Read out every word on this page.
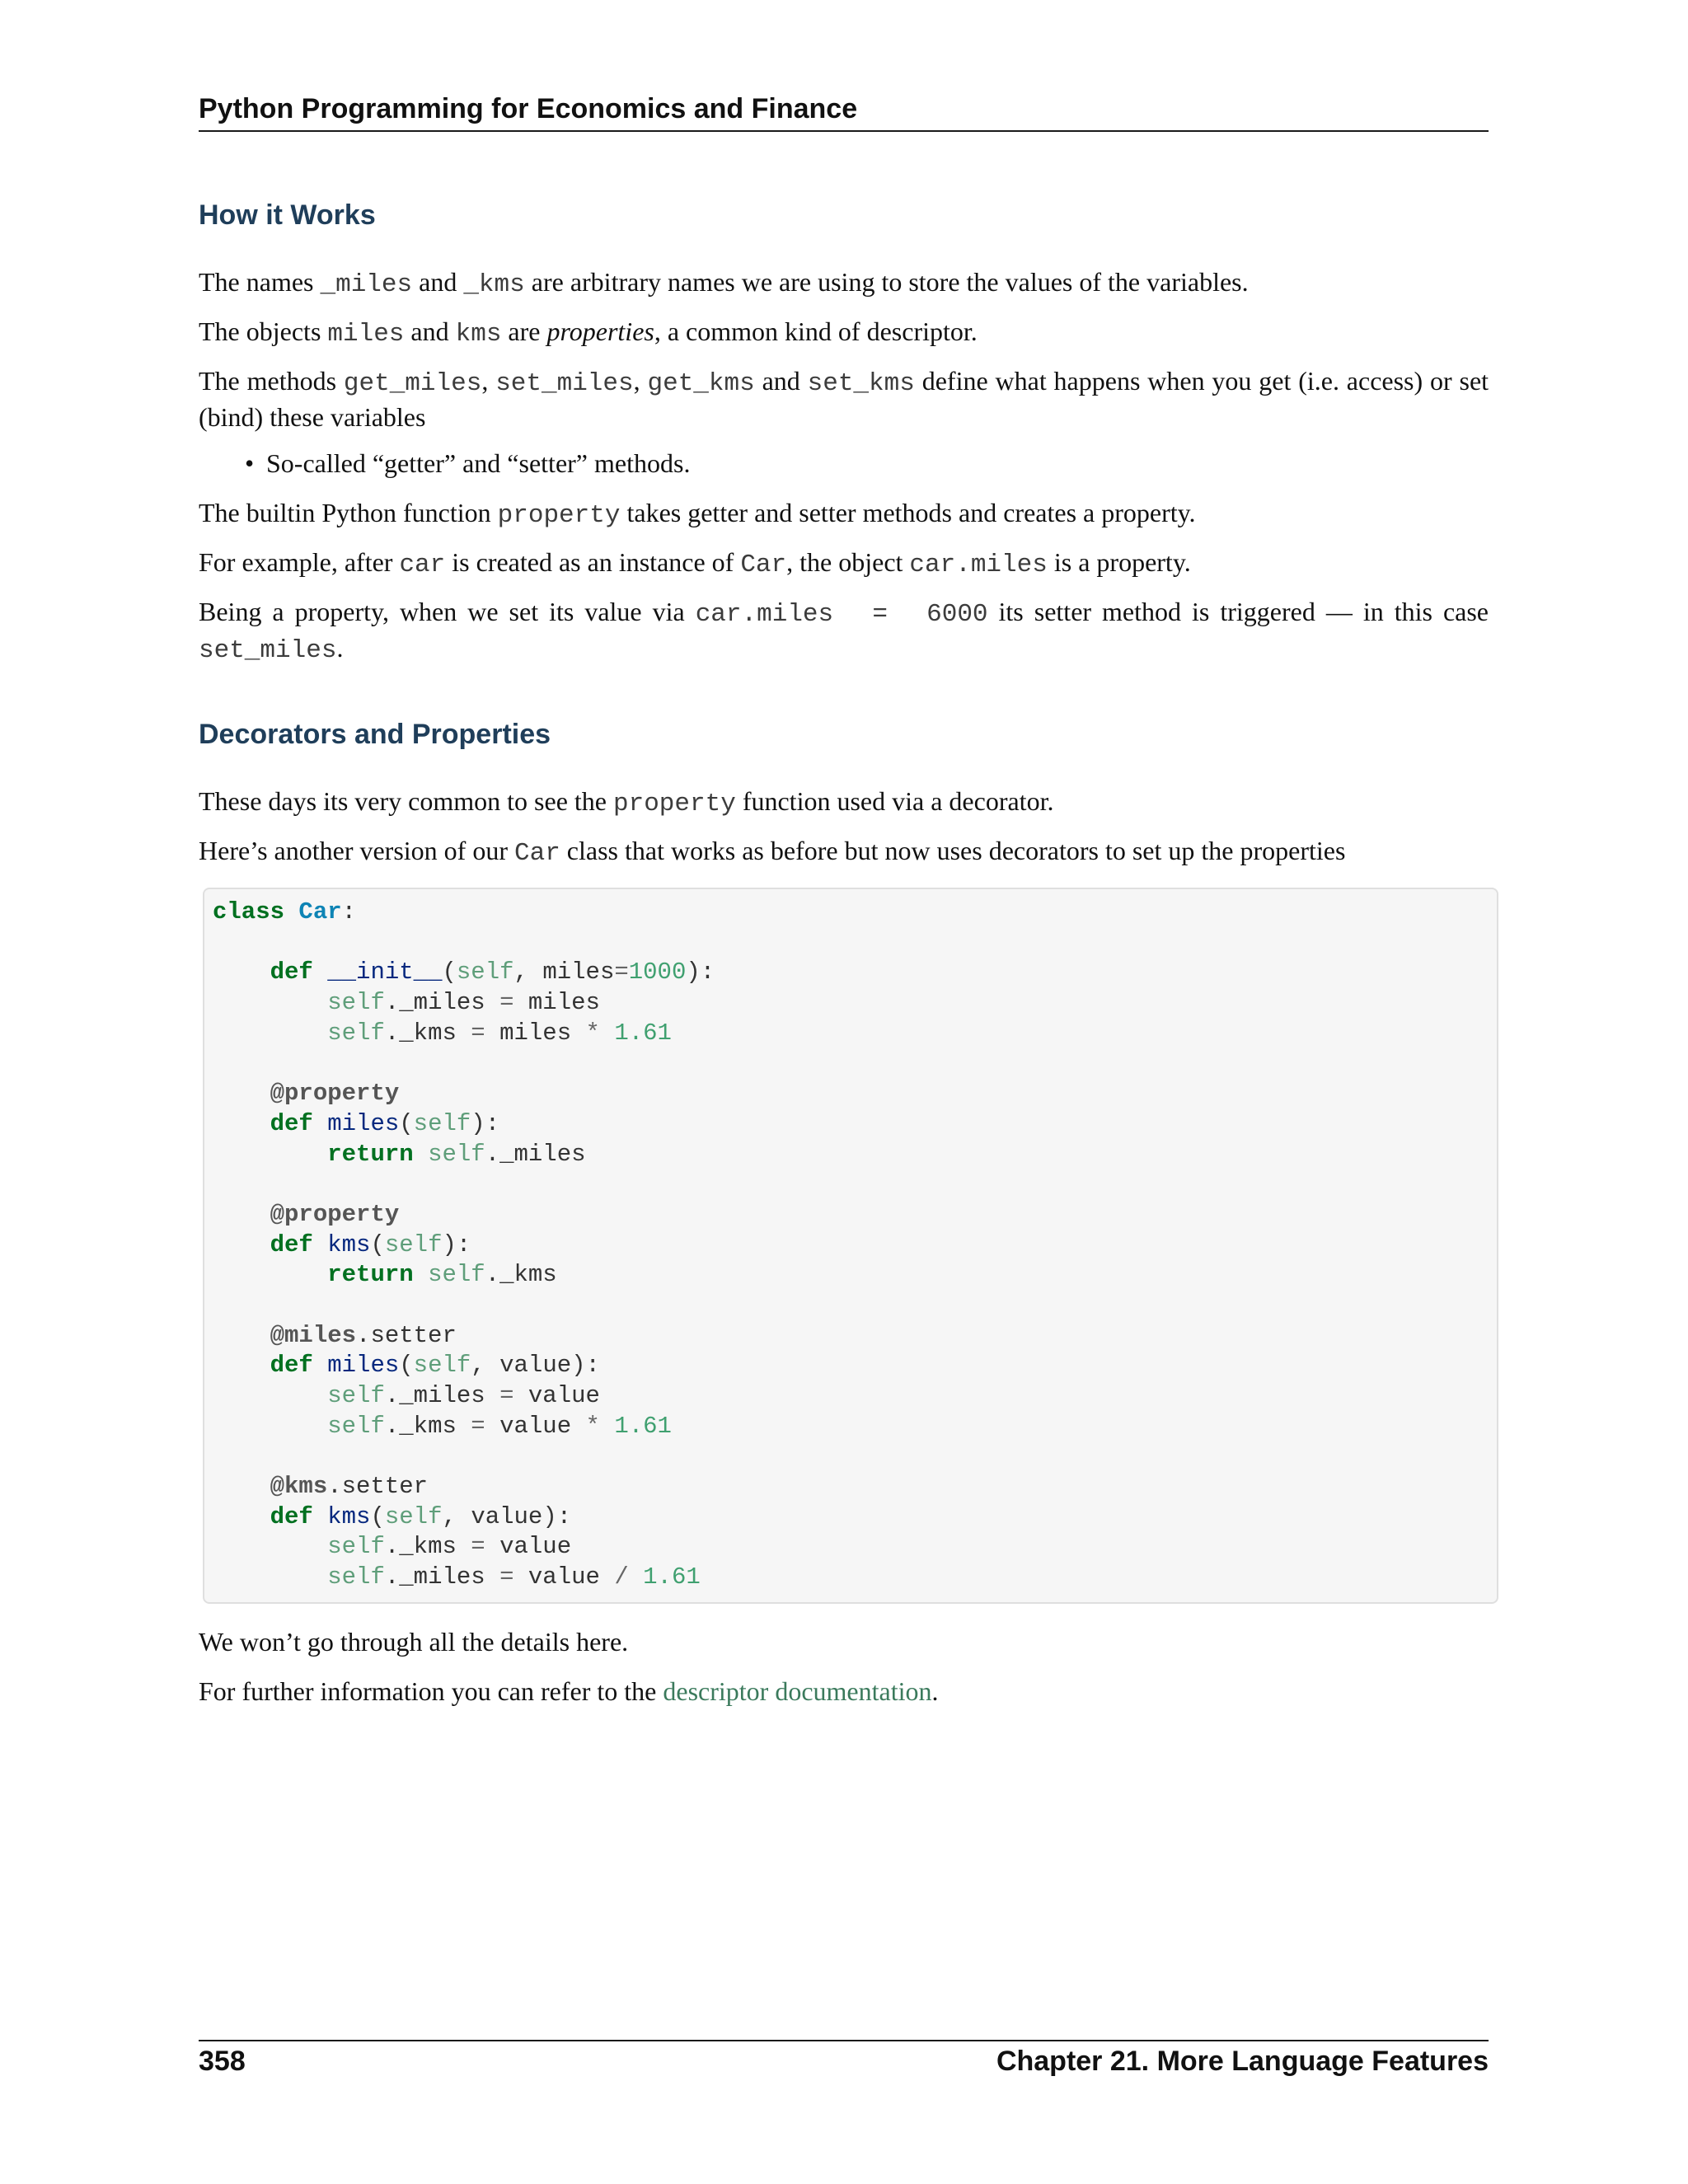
Python Programming for Economics and Finance
How it Works

The names _miles and _kms are arbitrary names we are using to store the values of the variables.

The objects miles and kms are properties, a common kind of descriptor.

The methods get_miles, set_miles, get_kms and set_kms define what happens when you get (i.e. access) or set (bind) these variables

• So-called “getter” and “setter” methods.

The builtin Python function property takes getter and setter methods and creates a property.

For example, after car is created as an instance of Car, the object car.miles is a property.

Being a property, when we set its value via car.miles  =  6000 its setter method is triggered — in this case set_miles.

Decorators and Properties

These days its very common to see the property function used via a decorator.

Here’s another version of our Car class that works as before but now uses decorators to set up the properties

class Car:
def __init__(self, miles=1000):
self._miles = miles
self._kms = miles * 1.61
@property
def miles(self):
return self._miles
@property
def kms(self):
return self._kms
@miles.setter
def miles(self, value):
self._miles = value
self._kms = value * 1.61
@kms.setter
def kms(self, value):
self._kms = value
self._miles = value / 1.61

We won’t go through all the details here.

For further information you can refer to the descriptor documentation.

358	Chapter 21. More Language Features
